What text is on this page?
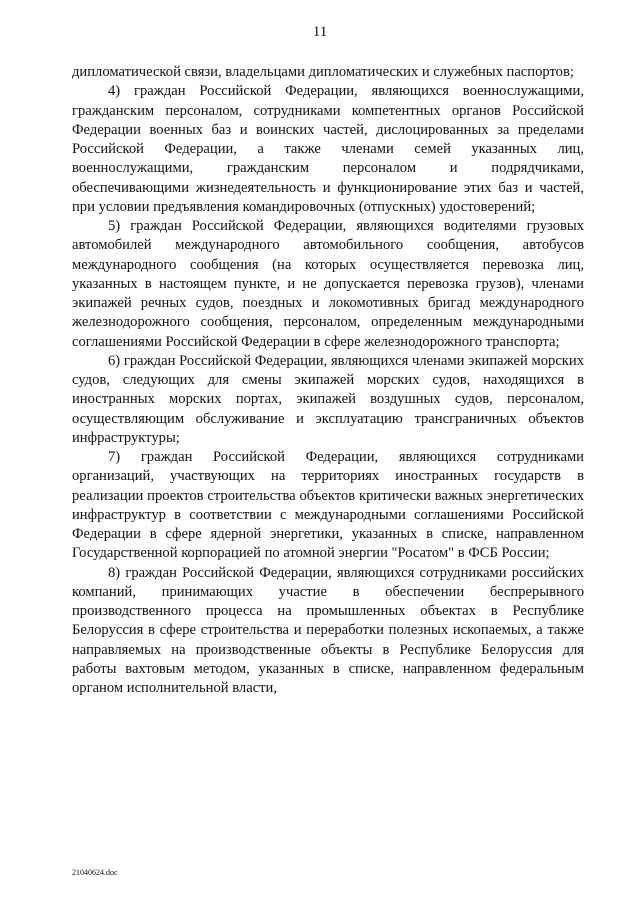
11

дипломатической связи, владельцами дипломатических и служебных паспортов;

4) граждан Российской Федерации, являющихся военнослужащими, гражданским персоналом, сотрудниками компетентных органов Российской Федерации военных баз и воинских частей, дислоцированных за пределами Российской Федерации, а также членами семей указанных лиц, военнослужащими, гражданским персоналом и подрядчиками, обеспечивающими жизнедеятельность и функционирование этих баз и частей, при условии предъявления командировочных (отпускных) удостоверений;

5) граждан Российской Федерации, являющихся водителями грузовых автомобилей международного автомобильного сообщения, автобусов международного сообщения (на которых осуществляется перевозка лиц, указанных в настоящем пункте, и не допускается перевозка грузов), членами экипажей речных судов, поездных и локомотивных бригад международного железнодорожного сообщения, персоналом, определенным международными соглашениями Российской Федерации в сфере железнодорожного транспорта;

6) граждан Российской Федерации, являющихся членами экипажей морских судов, следующих для смены экипажей морских судов, находящихся в иностранных морских портах, экипажей воздушных судов, персоналом, осуществляющим обслуживание и эксплуатацию трансграничных объектов инфраструктуры;

7) граждан Российской Федерации, являющихся сотрудниками организаций, участвующих на территориях иностранных государств в реализации проектов строительства объектов критически важных энергетических инфраструктур в соответствии с международными соглашениями Российской Федерации в сфере ядерной энергетики, указанных в списке, направленном Государственной корпорацией по атомной энергии "Росатом" в ФСБ России;

8) граждан Российской Федерации, являющихся сотрудниками российских компаний, принимающих участие в обеспечении беспрерывного производственного процесса на промышленных объектах в Республике Белоруссия в сфере строительства и переработки полезных ископаемых, а также направляемых на производственные объекты в Республике Белоруссия для работы вахтовым методом, указанных в списке, направленном федеральным органом исполнительной власти,

21040624.doc
